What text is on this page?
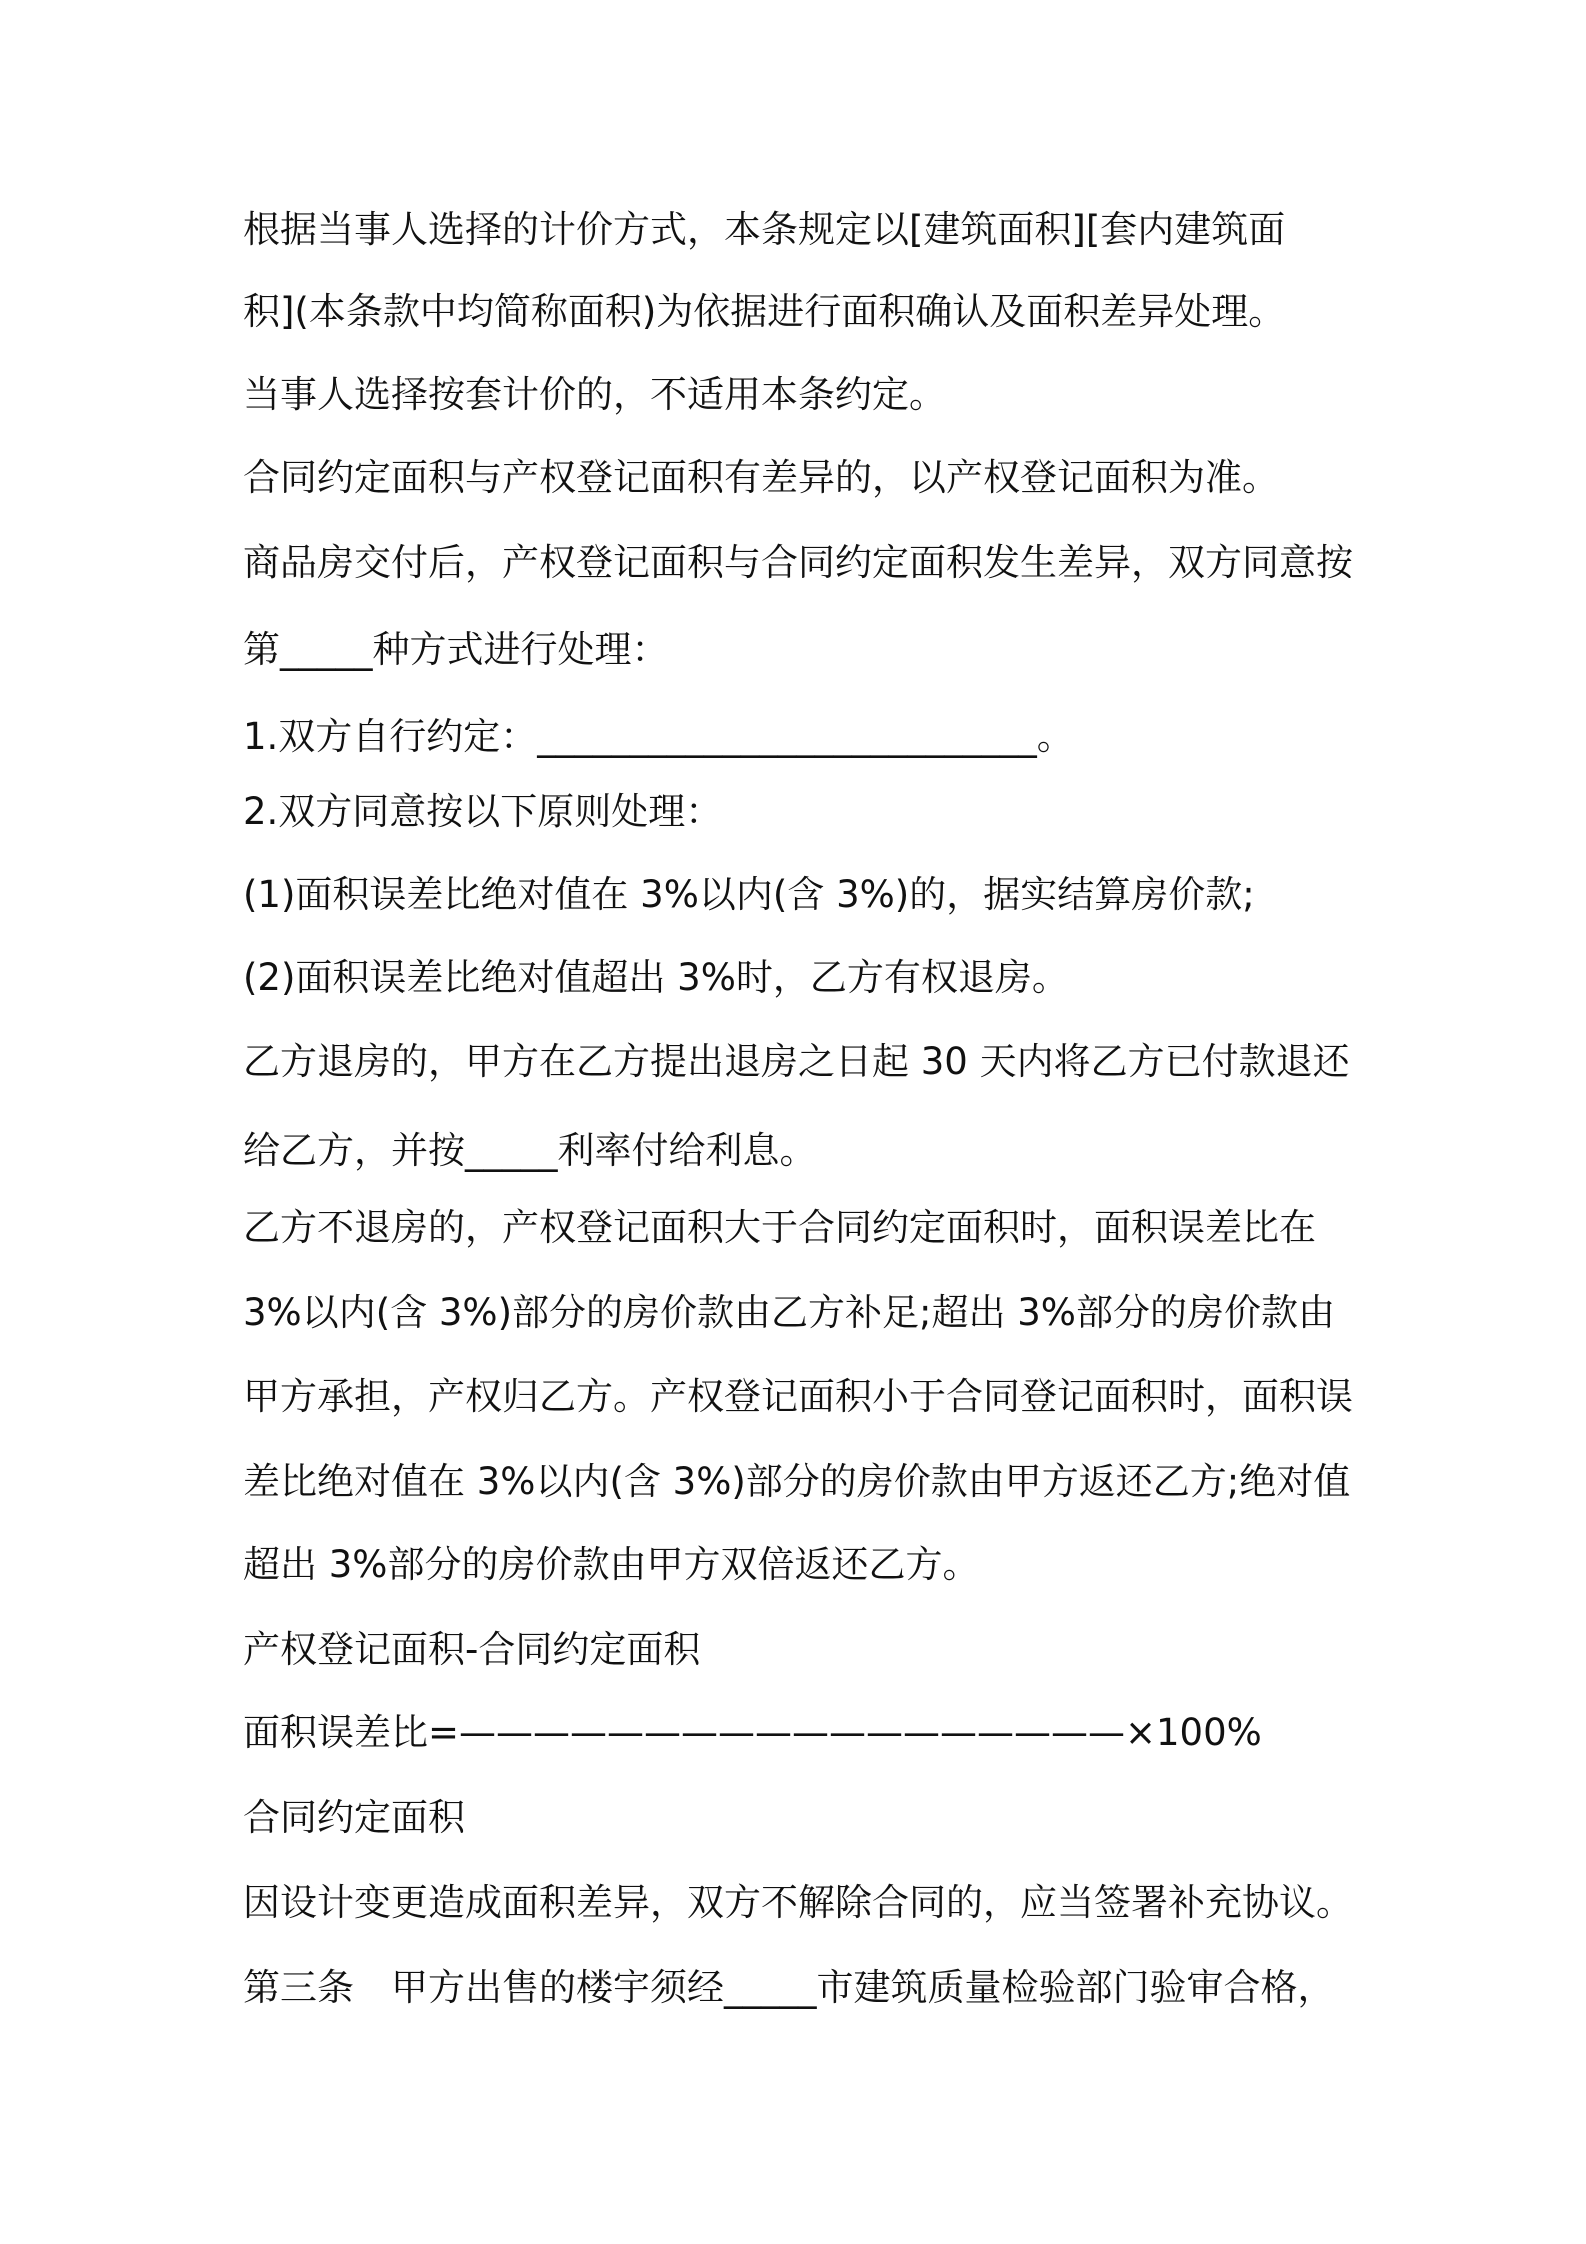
根据当事人选择的计价方式，本条规定以[建筑面积][套内建筑面
积](本条款中均简称面积)为依据进行面积确认及面积差异处理。
当事人选择按套计价的，不适用本条约定。
合同约定面积与产权登记面积有差异的，以产权登记面积为准。
商品房交付后，产权登记面积与合同约定面积发生差异，双方同意按
第_____种方式进行处理：
1.双方自行约定：___________________________。
2.双方同意按以下原则处理：
(1)面积误差比绝对值在 3%以内(含 3%)的，据实结算房价款;
(2)面积误差比绝对值超出 3%时，乙方有权退房。
乙方退房的，甲方在乙方提出退房之日起 30 天内将乙方已付款退还
给乙方，并按_____利率付给利息。
乙方不退房的，产权登记面积大于合同约定面积时，面积误差比在
3%以内(含 3%)部分的房价款由乙方补足;超出 3%部分的房价款由
甲方承担，产权归乙方。产权登记面积小于合同登记面积时，面积误
差比绝对值在 3%以内(含 3%)部分的房价款由甲方返还乙方;绝对值
超出 3%部分的房价款由甲方双倍返还乙方。
产权登记面积-合同约定面积
面积误差比=——————————————————×100%
合同约定面积
因设计变更造成面积差异，双方不解除合同的，应当签署补充协议。
第三条　甲方出售的楼宇须经_____市建筑质量检验部门验审合格，
